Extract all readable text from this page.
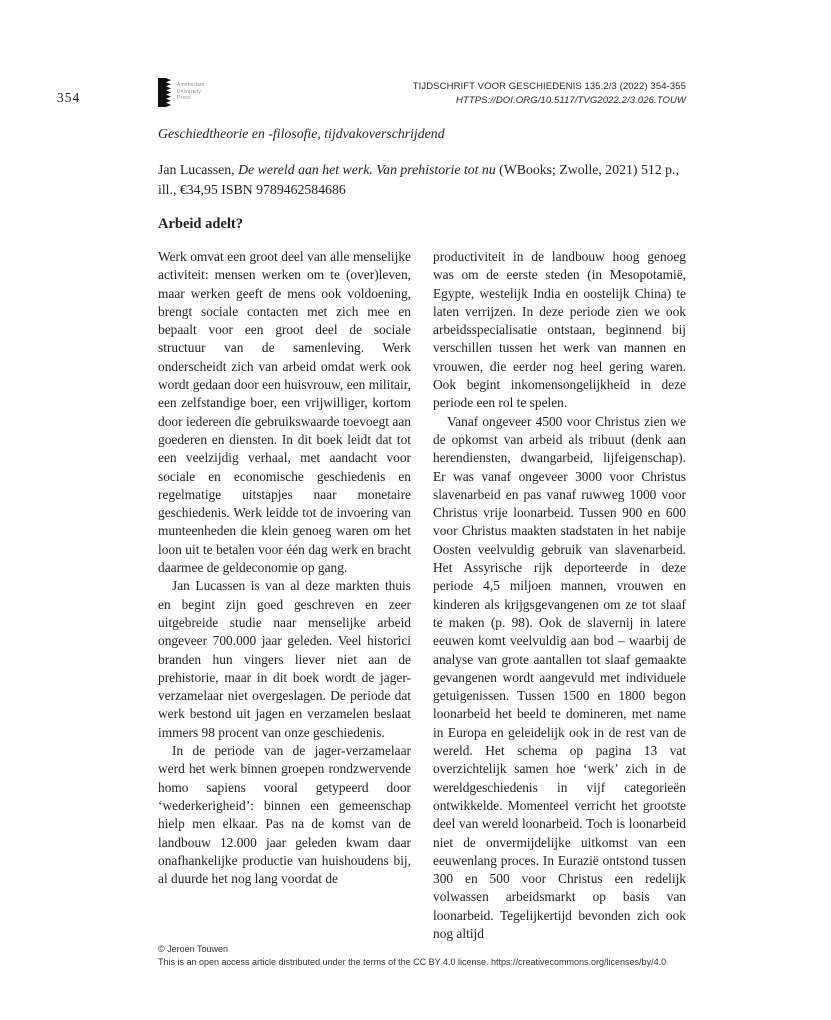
354
Amsterdam
University
Press
TIJDSCHRIFT VOOR GESCHIEDENIS 135.2/3 (2022) 354-355
HTTPS://DOI.ORG/10.5117/TVG2022.2/3.026.TOUW
Geschiedtheorie en -filosofie, tijdvakoverschrijdend

Jan Lucassen, De wereld aan het werk. Van prehistorie tot nu (WBooks; Zwolle, 2021) 512 p., ill., €34,95 ISBN 9789462584686

Arbeid adelt?

Werk omvat een groot deel van alle menselijke activiteit: mensen werken om te (over)leven, maar werken geeft de mens ook voldoening, brengt sociale contacten met zich mee en bepaalt voor een groot deel de sociale structuur van de samenleving. Werk onderscheidt zich van arbeid omdat werk ook wordt gedaan door een huisvrouw, een militair, een zelfstandige boer, een vrijwilliger, kortom door iedereen die gebruikswaarde toevoegt aan goederen en diensten. In dit boek leidt dat tot een veelzijdig verhaal, met aandacht voor sociale en economische geschiedenis en regelmatige uitstapjes naar monetaire geschiedenis. Werk leidde tot de invoering van munteenheden die klein genoeg waren om het loon uit te betalen voor één dag werk en bracht daarmee de geldeconomie op gang.

Jan Lucassen is van al deze markten thuis en begint zijn goed geschreven en zeer uitgebreide studie naar menselijke arbeid ongeveer 700.000 jaar geleden. Veel historici branden hun vingers liever niet aan de prehistorie, maar in dit boek wordt de jager-verzamelaar niet overgeslagen. De periode dat werk bestond uit jagen en verzamelen beslaat immers 98 procent van onze geschiedenis.

In de periode van de jager-verzamelaar werd het werk binnen groepen rondzwervende homo sapiens vooral getypeerd door ‘wederkerigheid’: binnen een gemeenschap hielp men elkaar. Pas na de komst van de landbouw 12.000 jaar geleden kwam daar onafhankelijke productie van huishoudens bij, al duurde het nog lang voordat de

productiviteit in de landbouw hoog genoeg was om de eerste steden (in Mesopotamië, Egypte, westelijk India en oostelijk China) te laten verrijzen. In deze periode zien we ook arbeidsspecialisatie ontstaan, beginnend bij verschillen tussen het werk van mannen en vrouwen, die eerder nog heel gering waren. Ook begint inkomensongelijkheid in deze periode een rol te spelen.

Vanaf ongeveer 4500 voor Christus zien we de opkomst van arbeid als tribuut (denk aan herendiensten, dwangarbeid, lijfeigenschap). Er was vanaf ongeveer 3000 voor Christus slavenarbeid en pas vanaf ruwweg 1000 voor Christus vrije loonarbeid. Tussen 900 en 600 voor Christus maakten stadstaten in het nabije Oosten veelvuldig gebruik van slavenarbeid. Het Assyrische rijk deporteerde in deze periode 4,5 miljoen mannen, vrouwen en kinderen als krijgsgevangenen om ze tot slaaf te maken (p. 98). Ook de slavernij in latere eeuwen komt veelvuldig aan bod – waarbij de analyse van grote aantallen tot slaaf gemaakte gevangenen wordt aangevuld met individuele getuigenissen. Tussen 1500 en 1800 begon loonarbeid het beeld te domineren, met name in Europa en geleidelijk ook in de rest van de wereld. Het schema op pagina 13 vat overzichtelijk samen hoe ‘werk’ zich in de wereldgeschiedenis in vijf categorieën ontwikkelde. Momenteel verricht het grootste deel van wereld loonarbeid. Toch is loonarbeid niet de onvermijdelijke uitkomst van een eeuwenlang proces. In Eurazië ontstond tussen 300 en 500 voor Christus een redelijk volwassen arbeidsmarkt op basis van loonarbeid. Tegelijkertijd bevonden zich ook nog altijd

© Jeroen Touwen
This is an open access article distributed under the terms of the CC BY 4.0 license. https://creativecommons.org/licenses/by/4.0
